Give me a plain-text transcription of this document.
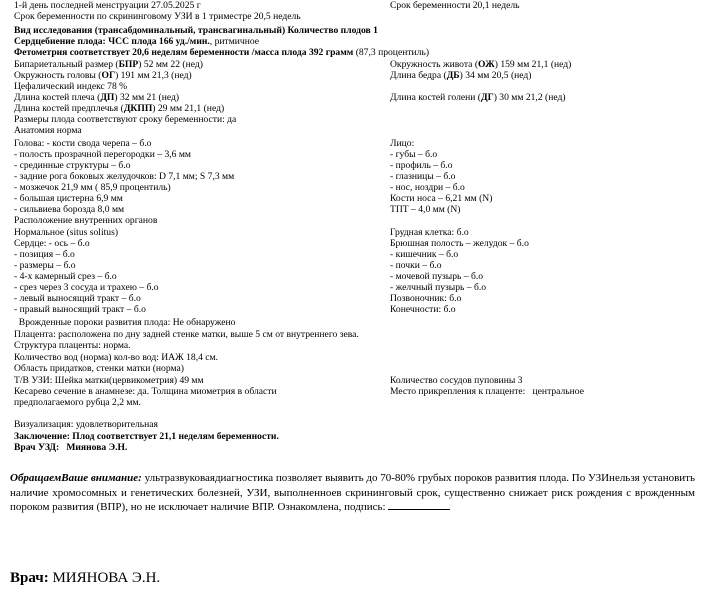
1-й день последней менструации 27.05.2025 г	Срок беременности 20,1 недель
Срок беременности по скрининговому УЗИ в 1 триместре 20,5 недель
Вид исследования (трансабдоминальный, трансвагинальный) Количество плодов 1
Сердцебиение плода: ЧСС плода 166 уд./мин., ритмичное
Фетометрия соответствует 20,6 неделям беременности /масса плода 392 грамм (87,3 процентиль)
Бипариетальный размер (БПР) 52 мм 22 (нед)
Окружность головы (ОГ) 191 мм 21,3 (нед)
Цефалический индекс 78 %
Длина костей плеча (ДП) 32 мм 21 (нед)
Длина костей предплечья (ДКПП) 29 мм 21,1 (нед)
Окружность живота (ОЖ) 159 мм 21,1 (нед)
Длина бедра (ДБ) 34 мм 20,5 (нед)
Длина костей голени (ДГ) 30 мм 21,2 (нед)
Размеры плода соответствуют сроку беременности: да
Анатомия норма
Голова: - кости свода черепа – б.о
- полость прозрачной перегородки – 3,6 мм
- срединные структуры – б.о
- задние рога боковых желудочков: D 7,1 мм; S 7,3 мм
- мозжечок 21,9 мм ( 85,9 процентиль)
- большая цистерна 6,9 мм
- сильвиева борозда 8,0 мм
Расположение внутренних органов
Нормальное (situs solitus)
Сердце: - ось – б.о
- позиция – б.о
- размеры – б.о
- 4-х камерный срез – б.о
- срез через 3 сосуда и трахею – б.о
- левый выносящий тракт – б.о
- правый выносящий тракт – б.о
Врожденные пороки развития плода: Не обнаружено
Лицо:
- губы – б.о
- профиль – б.о
- глазницы – б.о
- нос, ноздри – б.о
Кости носа – 6,21 мм (N)
ТПТ – 4,0 мм (N)
Грудная клетка: б.о
Брюшная полость – желудок – б.о
- кишечник – б.о
- почки – б.о
- мочевой пузырь – б.о
- желчный пузырь – б.о
Позвоночник: б.о
Конечности: б.о
Плацента: расположена по дну задней стенке матки, выше 5 см от внутреннего зева.
Структура плаценты: норма.
Количество вод (норма) кол-во вод: ИАЖ 18,4 см.
Область придатков, стенки матки (норма)
Т/В УЗИ: Шейка матки(цервикометрия) 49 мм
Кесарево сечение в анамнезе: да. Толщина миометрия в области
предполагаемого рубца 2,2 мм.
Количество сосудов пуповины 3
Место прикрепления к плаценте:   центральное
Визуализация: удовлетворительная
Заключение: Плод соответствует 21,1 неделям беременности.
Врач УЗД:   Миянова Э.Н.
ОбращаемВаше внимание: ультразвуковаядиагностика позволяет выявить до 70-80% грубых пороков развития плода. По УЗИнельзя установить наличие хромосомных и генетических болезней, УЗИ, выполненноев скрининговый срок, существенно снижает риск рождения с врожденным пороком развития (ВПР), но не исключает наличие ВПР. Ознакомлена, подпись:
Врач: МИЯНОВА Э.Н.
